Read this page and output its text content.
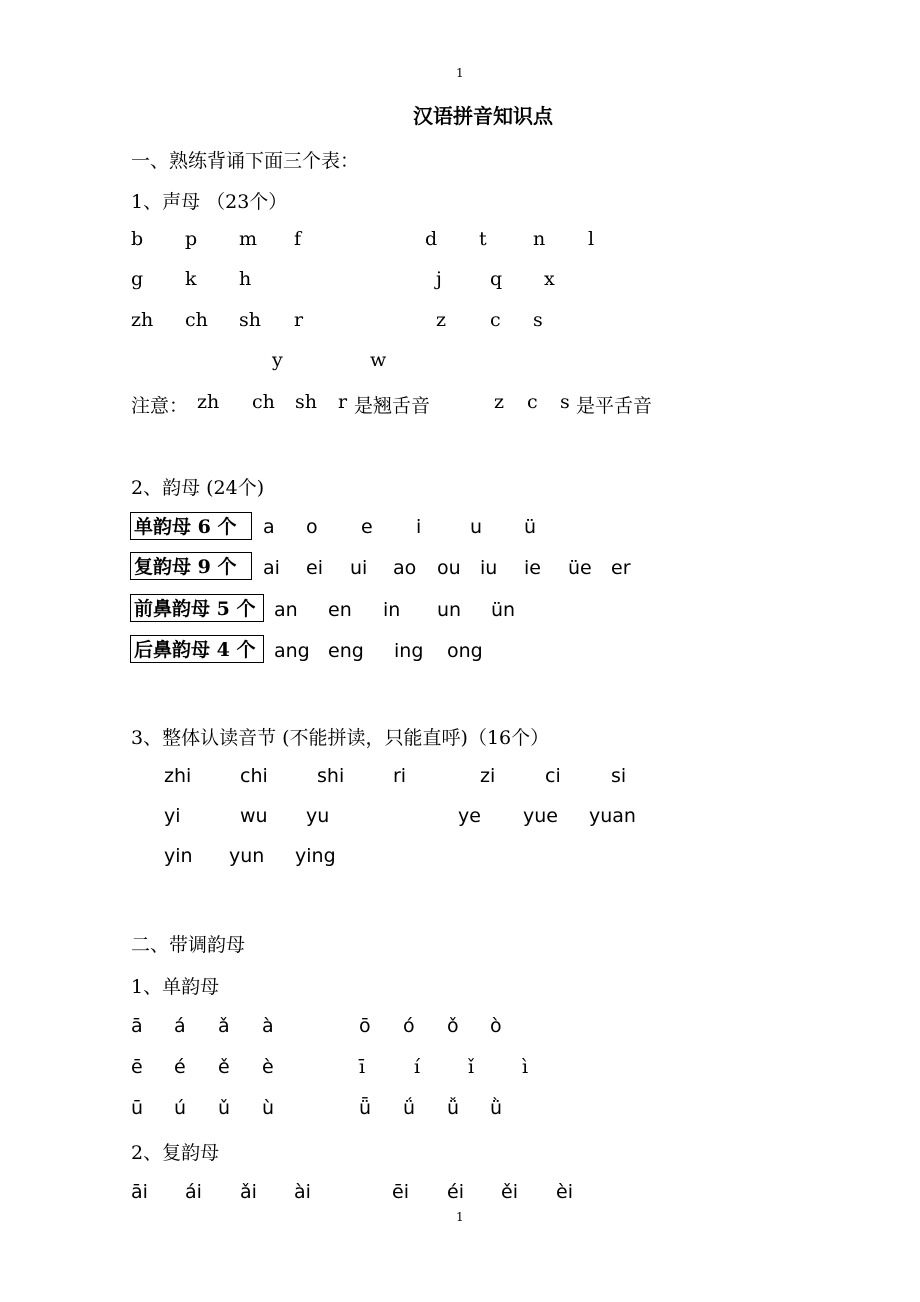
1
汉语拼音知识点
一、熟练背诵下面三个表：
1、声母 （23个）
b p m f	d t n l
g k h	j	q x
zh ch sh r	z c s
y	w
注意： zh ch sh r 是翘舌音	z c s 是平舌音
2、韵母 (24个)
单韵母 6 个	a o e i	u ü
复韵母 9 个	ai ei ui ao ou iu ie üe er
前鼻韵母 5 个 an en in un ün
后鼻韵母 4 个 ang eng ing ong
3、整体认读音节 (不能拼读，只能直呼)（16个）
zhi	chi	shi	ri	zi	ci	si
yi	wu yu	ye yue yuan
yin yun ying
二、带调韵母
1、单韵母
ā á ǎ à	ō ó ǒ ò
ē é ě è	ī	í	ǐ	ì
ū ú ǔ ù	ǖ ǘ ǚ ǜ
2、复韵母
āi ái ǎi ài	ēi éi ěi èi
1
